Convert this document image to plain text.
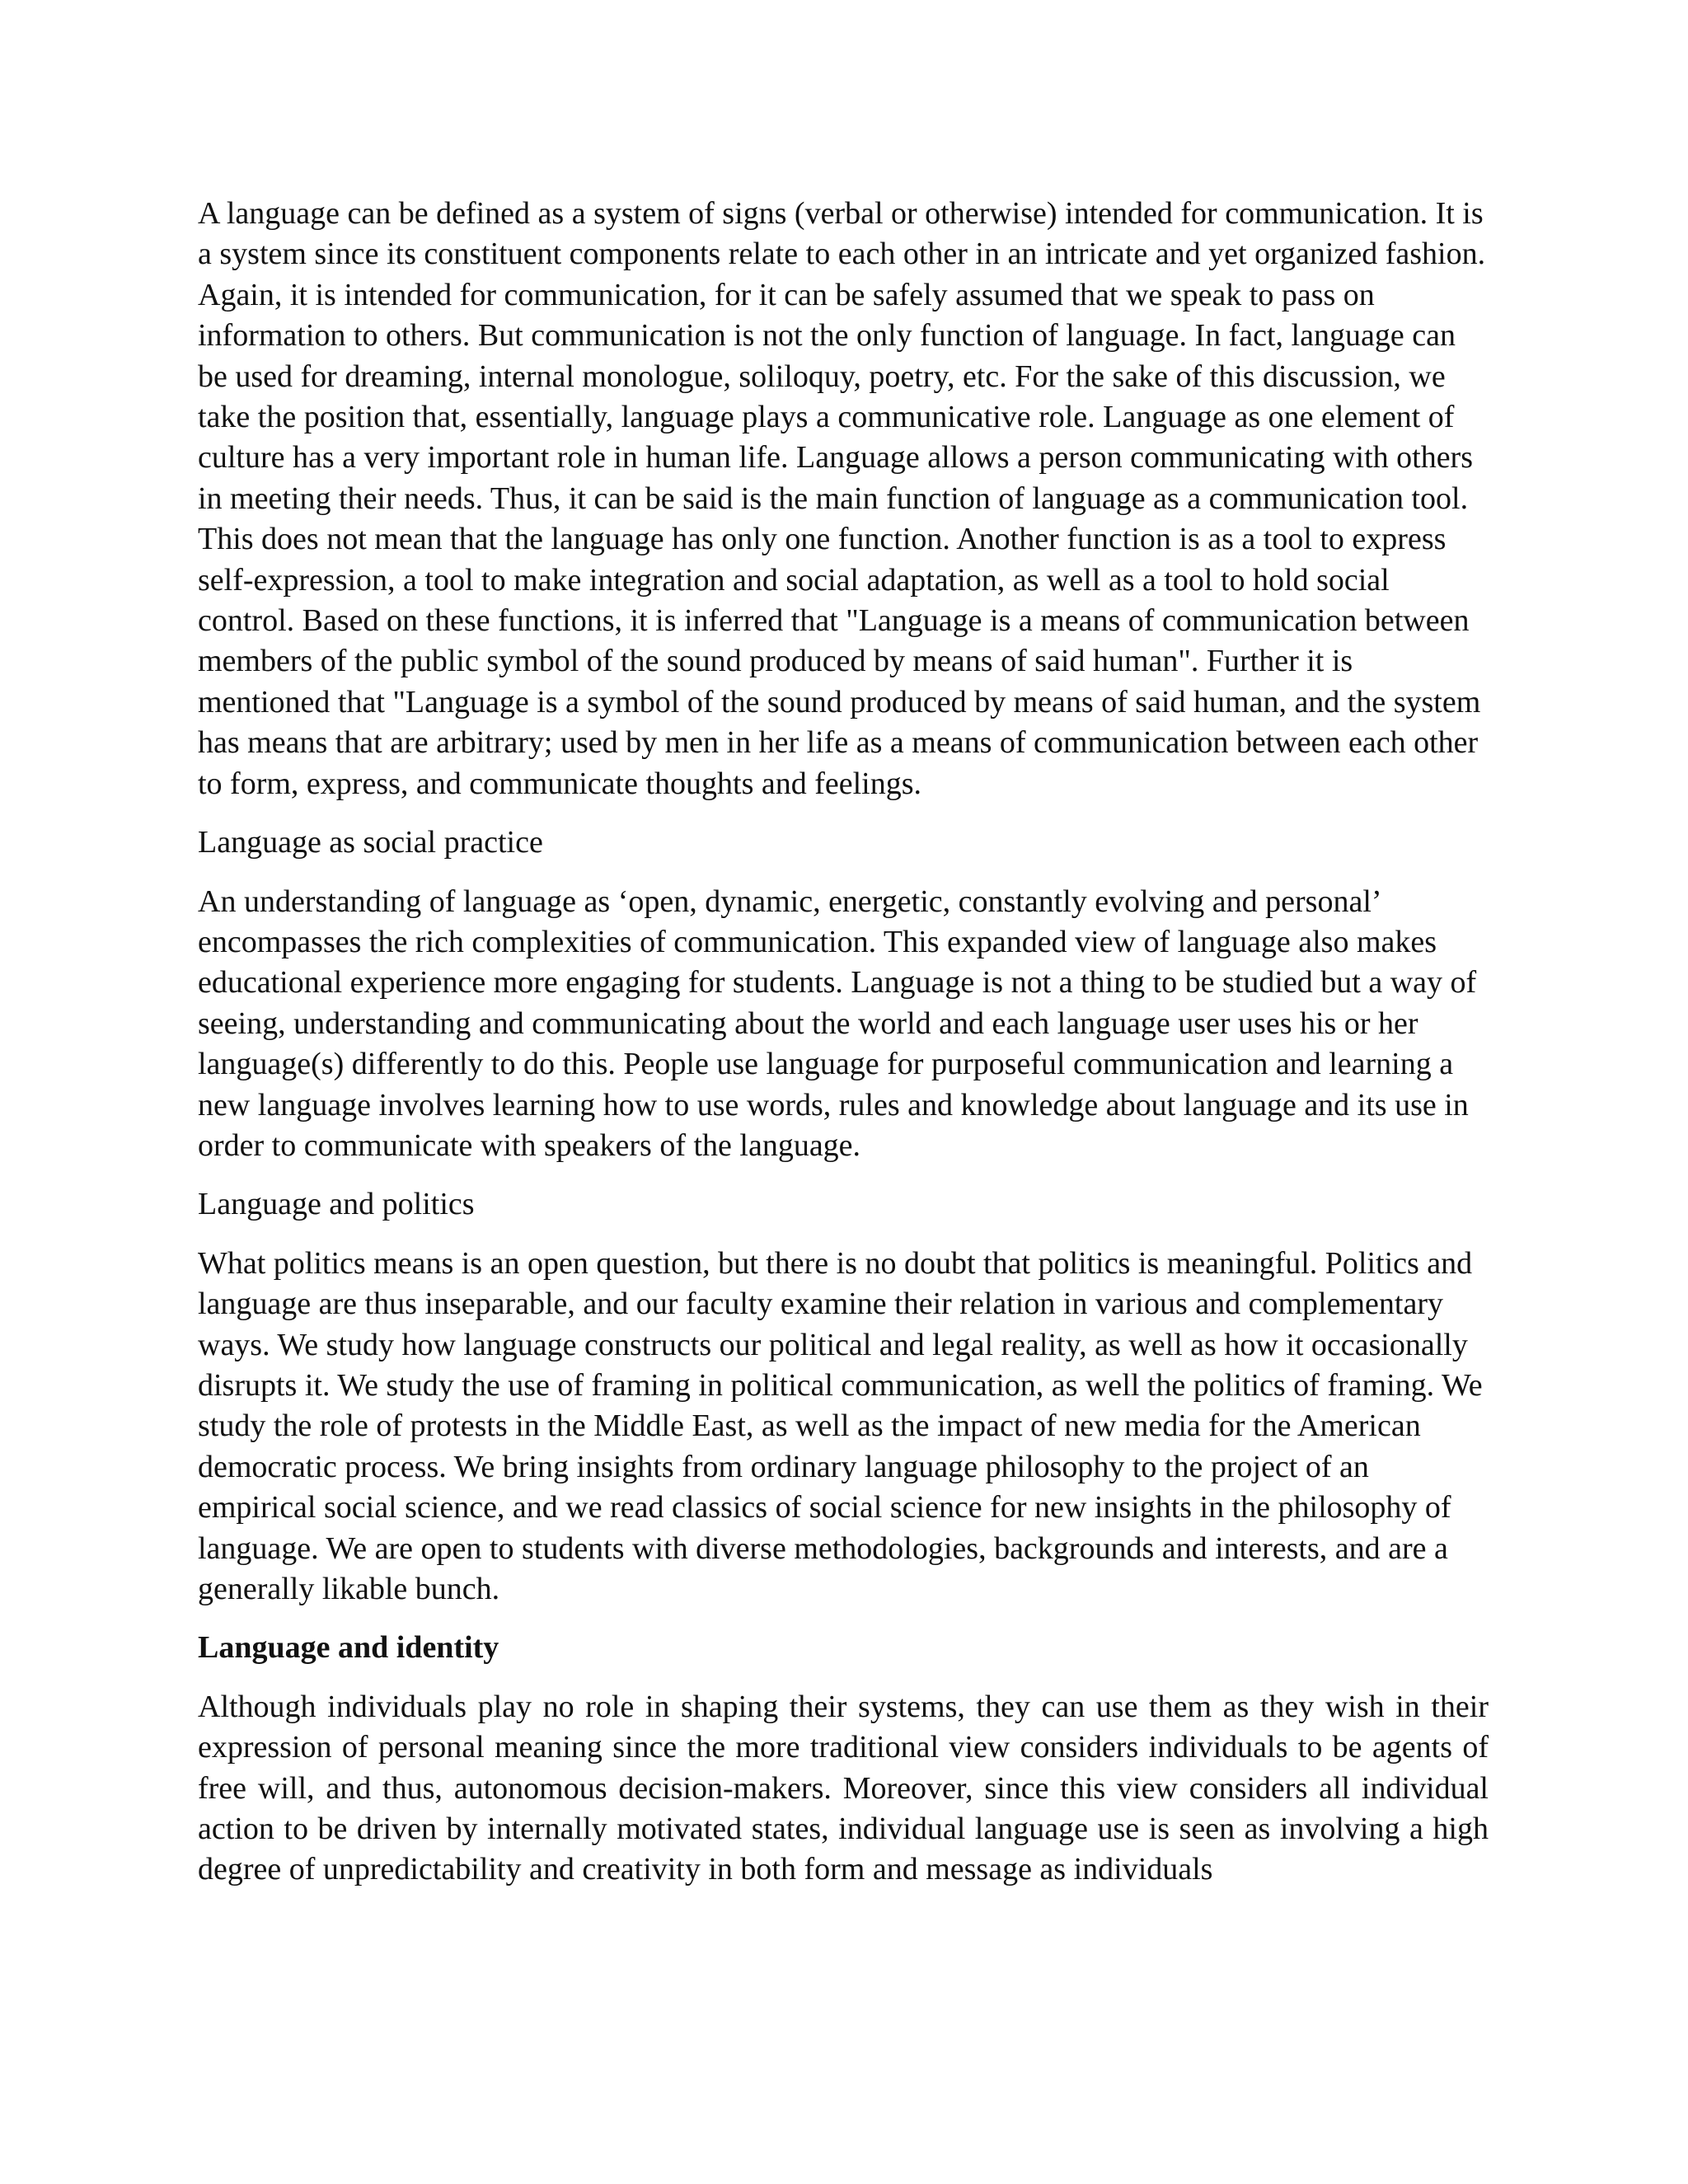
A language can be defined as a system of signs (verbal or otherwise) intended for communication. It is a system since its constituent components relate to each other in an intricate and yet organized fashion. Again, it is intended for communication, for it can be safely assumed that we speak to pass on information to others. But communication is not the only function of language. In fact, language can be used for dreaming, internal monologue, soliloquy, poetry, etc. For the sake of this discussion, we take the position that, essentially, language plays a communicative role. Language as one element of culture has a very important role in human life. Language allows a person communicating with others in meeting their needs. Thus, it can be said is the main function of language as a communication tool. This does not mean that the language has only one function. Another function is as a tool to express self-expression, a tool to make integration and social adaptation, as well as a tool to hold social control. Based on these functions, it is inferred that "Language is a means of communication between members of the public symbol of the sound produced by means of said human". Further it is mentioned that "Language is a symbol of the sound produced by means of said human, and the system has means that are arbitrary; used by men in her life as a means of communication between each other to form, express, and communicate thoughts and feelings.

Language as social practice

An understanding of language as ‘open, dynamic, energetic, constantly evolving and personal’ encompasses the rich complexities of communication. This expanded view of language also makes educational experience more engaging for students. Language is not a thing to be studied but a way of seeing, understanding and communicating about the world and each language user uses his or her language(s) differently to do this. People use language for purposeful communication and learning a new language involves learning how to use words, rules and knowledge about language and its use in order to communicate with speakers of the language.

Language and politics

What politics means is an open question, but there is no doubt that politics is meaningful. Politics and language are thus inseparable, and our faculty examine their relation in various and complementary ways. We study how language constructs our political and legal reality, as well as how it occasionally disrupts it. We study the use of framing in political communication, as well the politics of framing. We study the role of protests in the Middle East, as well as the impact of new media for the American democratic process. We bring insights from ordinary language philosophy to the project of an empirical social science, and we read classics of social science for new insights in the philosophy of language. We are open to students with diverse methodologies, backgrounds and interests, and are a generally likable bunch.

Language and identity

Although individuals play no role in shaping their systems, they can use them as they wish in their expression of personal meaning since the more traditional view considers individuals to be agents of free will, and thus, autonomous decision-makers. Moreover, since this view considers all individual action to be driven by internally motivated states, individual language use is seen as involving a high degree of unpredictability and creativity in both form and message as individuals
